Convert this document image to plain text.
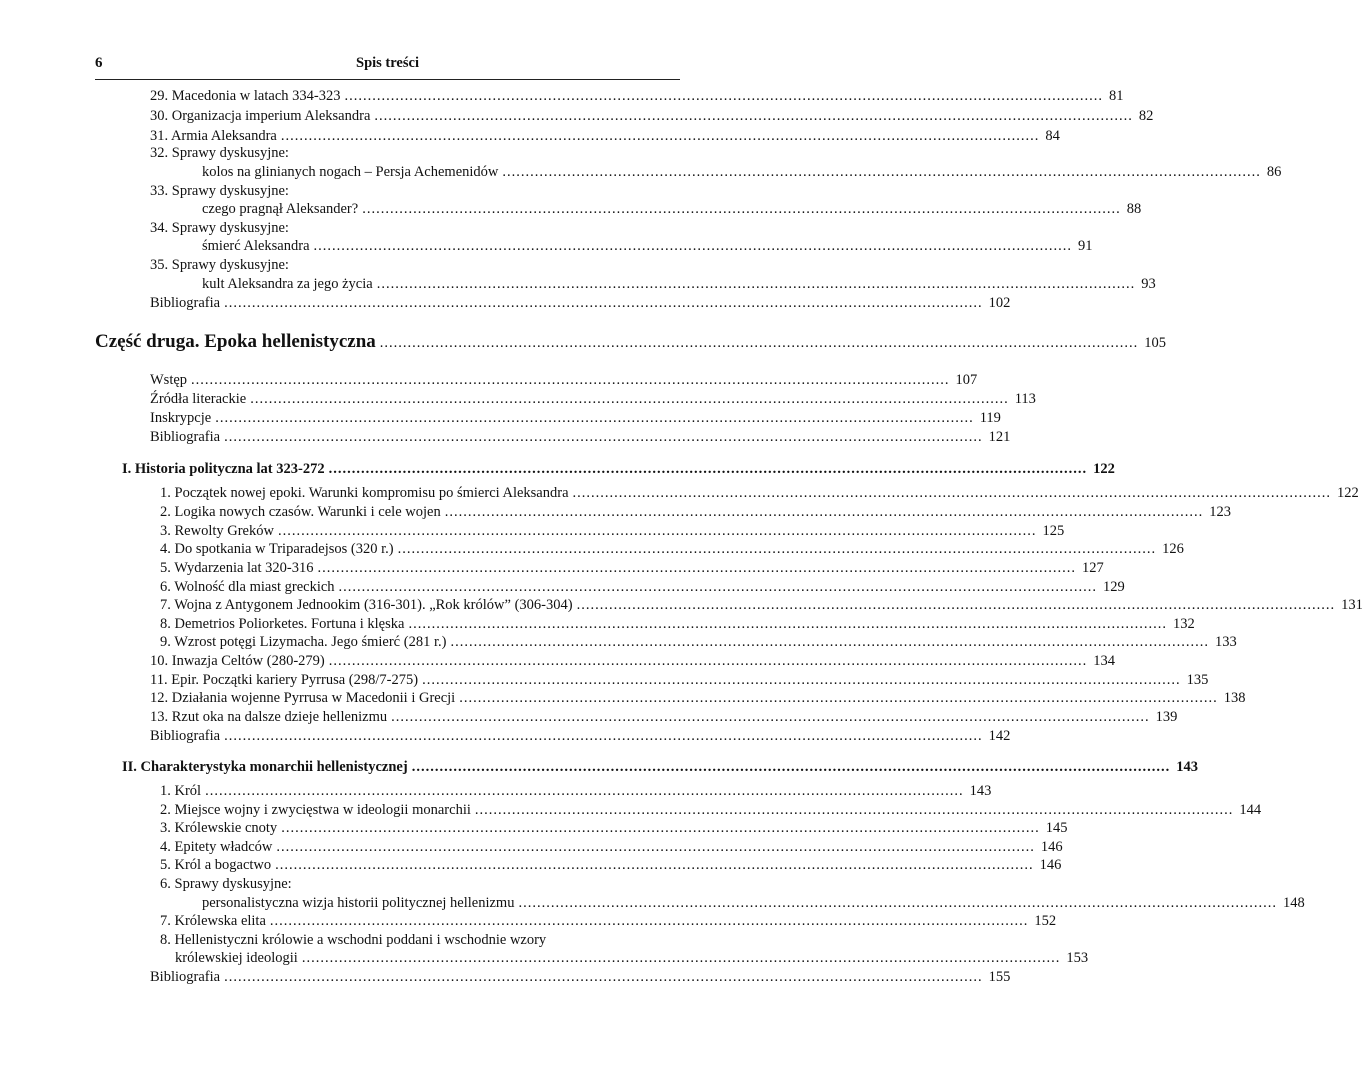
6	Spis treści
29. Macedonia w latach 334-323 .................................................................................................................................................................... 81
30. Organizacja imperium Aleksandra .................................................................................................................................................................... 82
31. Armia Aleksandra .................................................................................................................................................................... 84
32. Sprawy dyskusyjne:
kolos na glinianych nogach – Persja Achemenidów .................................................................................................................................................................... 86
33. Sprawy dyskusyjne:
czego pragnął Aleksander? .................................................................................................................................................................... 88
34. Sprawy dyskusyjne:
śmierć Aleksandra .................................................................................................................................................................... 91
35. Sprawy dyskusyjne:
kult Aleksandra za jego życia .................................................................................................................................................................... 93
Bibliografia .................................................................................................................................................................... 102
Część druga. Epoka hellenistyczna .................................................................................................................................................................... 105
Wstęp .................................................................................................................................................................... 107
Źródła literackie .................................................................................................................................................................... 113
Inskrypcje .................................................................................................................................................................... 119
Bibliografia .................................................................................................................................................................... 121
I. Historia polityczna lat 323-272 .................................................................................................................................................................... 122
1. Początek nowej epoki. Warunki kompromisu po śmierci Aleksandra .................................................................................................................................................................... 122
2. Logika nowych czasów. Warunki i cele wojen .................................................................................................................................................................... 123
3. Rewolty Greków .................................................................................................................................................................... 125
4. Do spotkania w Triparadejsos (320 r.) .................................................................................................................................................................... 126
5. Wydarzenia lat 320-316 .................................................................................................................................................................... 127
6. Wolność dla miast greckich .................................................................................................................................................................... 129
7. Wojna z Antygonem Jednookim (316-301). „Rok królów” (306-304) .................................................................................................................................................................... 131
8. Demetrios Poliorketes. Fortuna i klęska .................................................................................................................................................................... 132
9. Wzrost potęgi Lizymacha. Jego śmierć (281 r.) .................................................................................................................................................................... 133
10. Inwazja Celtów (280-279) .................................................................................................................................................................... 134
11. Epir. Początki kariery Pyrrusa (298/7-275) .................................................................................................................................................................... 135
12. Działania wojenne Pyrrusa w Macedonii i Grecji .................................................................................................................................................................... 138
13. Rzut oka na dalsze dzieje hellenizmu .................................................................................................................................................................... 139
Bibliografia .................................................................................................................................................................... 142
II. Charakterystyka monarchii hellenistycznej .................................................................................................................................................................... 143
1. Król .................................................................................................................................................................... 143
2. Miejsce wojny i zwycięstwa w ideologii monarchii .................................................................................................................................................................... 144
3. Królewskie cnoty .................................................................................................................................................................... 145
4. Epitety władców .................................................................................................................................................................... 146
5. Król a bogactwo .................................................................................................................................................................... 146
6. Sprawy dyskusyjne:
personalistyczna wizja historii politycznej hellenizmu .................................................................................................................................................................... 148
7. Królewska elita .................................................................................................................................................................... 152
8. Hellenistyczni królowie a wschodni poddani i wschodnie wzory
królewskiej ideologii .................................................................................................................................................................... 153
Bibliografia .................................................................................................................................................................... 155
